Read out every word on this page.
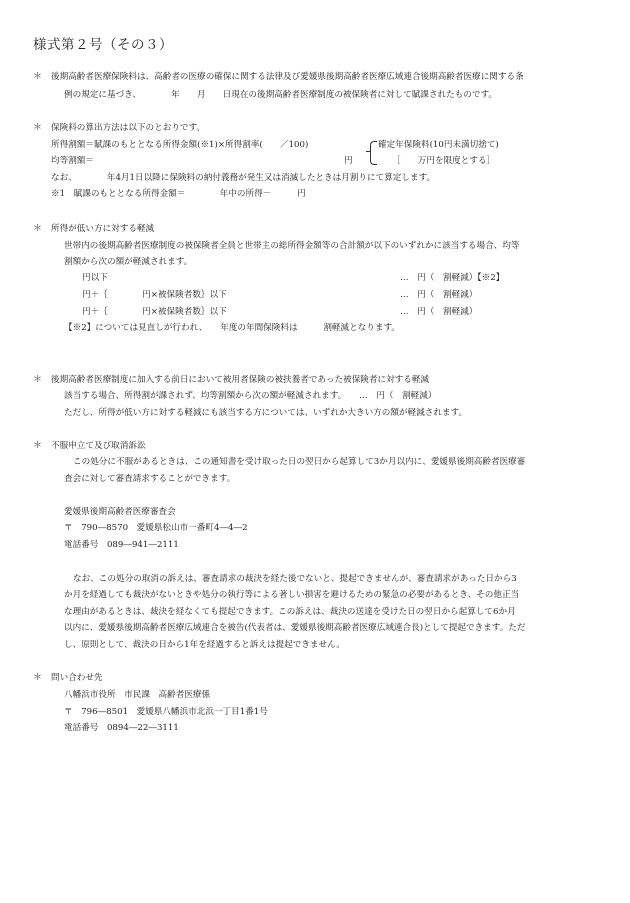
様式第２号（その３）
＊ 後期高齢者医療保険料は、高齢者の医療の確保に関する法律及び愛媛県後期高齢者医療広域連合後期高齢者医療に関する条
例の規定に基づき、　　　　年　　月　　日現在の後期高齢者医療制度の被保険者に対して賦課されたものです。
＊ 保険料の算出方法は以下のとおりです。
所得割額＝賦課のもととなる所得金額(※1)×所得割率(　　／100)	確定年保険料(10円未満切捨て)
均等割額＝	円	［　　万円を限度とする］
なお、　　　　年4月1日以降に保険料の納付義務が発生又は消滅したときは月割りにて算定します。
※1　賦課のもととなる所得金額＝　　　　年中の所得－　　　円
＊ 所得が低い方に対する軽減
世帯内の後期高齢者医療制度の被保険者全員と世帯主の総所得金額等の合計額が以下のいずれかに該当する場合、均等
割額から次の額が軽減されます。
円以下	…　円（　割軽減）【※2】
円＋｛　　　　円×被保険者数｝以下	…　円（　割軽減）
円＋｛　　　　円×被保険者数｝以下	…　円（　割軽減）
【※2】については見直しが行われ、　　年度の年間保険料は　　　割軽減となります。
＊ 後期高齢者医療制度に加入する前日において被用者保険の被扶養者であった被保険者に対する軽減
該当する場合、所得割が課されず、均等割額から次の額が軽減されます。　　…　円（　割軽減）
ただし、所得が低い方に対する軽減にも該当する方については、いずれか大きい方の額が軽減されます。
＊ 不服申立て及び取消訴訟
この処分に不服があるときは、この通知書を受け取った日の翌日から起算して3か月以内に、愛媛県後期高齢者医療審
査会に対して審査請求することができます。
愛媛県後期高齢者医療審査会
〒　790―8570　愛媛県松山市一番町4―4―2
電話番号　089―941―2111
なお、この処分の取消の訴えは、審査請求の裁決を経た後でないと、提起できませんが、審査請求があった日から3
か月を経過しても裁決がないときや処分の執行等による著しい損害を避けるための緊急の必要があるとき、その他正当
な理由があるときは、裁決を経なくても提起できます。この訴えは、裁決の送達を受けた日の翌日から起算して6か月
以内に、愛媛県後期高齢者医療広域連合を被告(代表者は、愛媛県後期高齢者医療広域連合長)として提起できます。ただ
し、原則として、裁決の日から1年を経過すると訴えは提起できません。
＊ 問い合わせ先
八幡浜市役所　市民課　高齢者医療係
〒　796―8501　愛媛県八幡浜市北浜一丁目1番1号
電話番号　0894―22―3111
